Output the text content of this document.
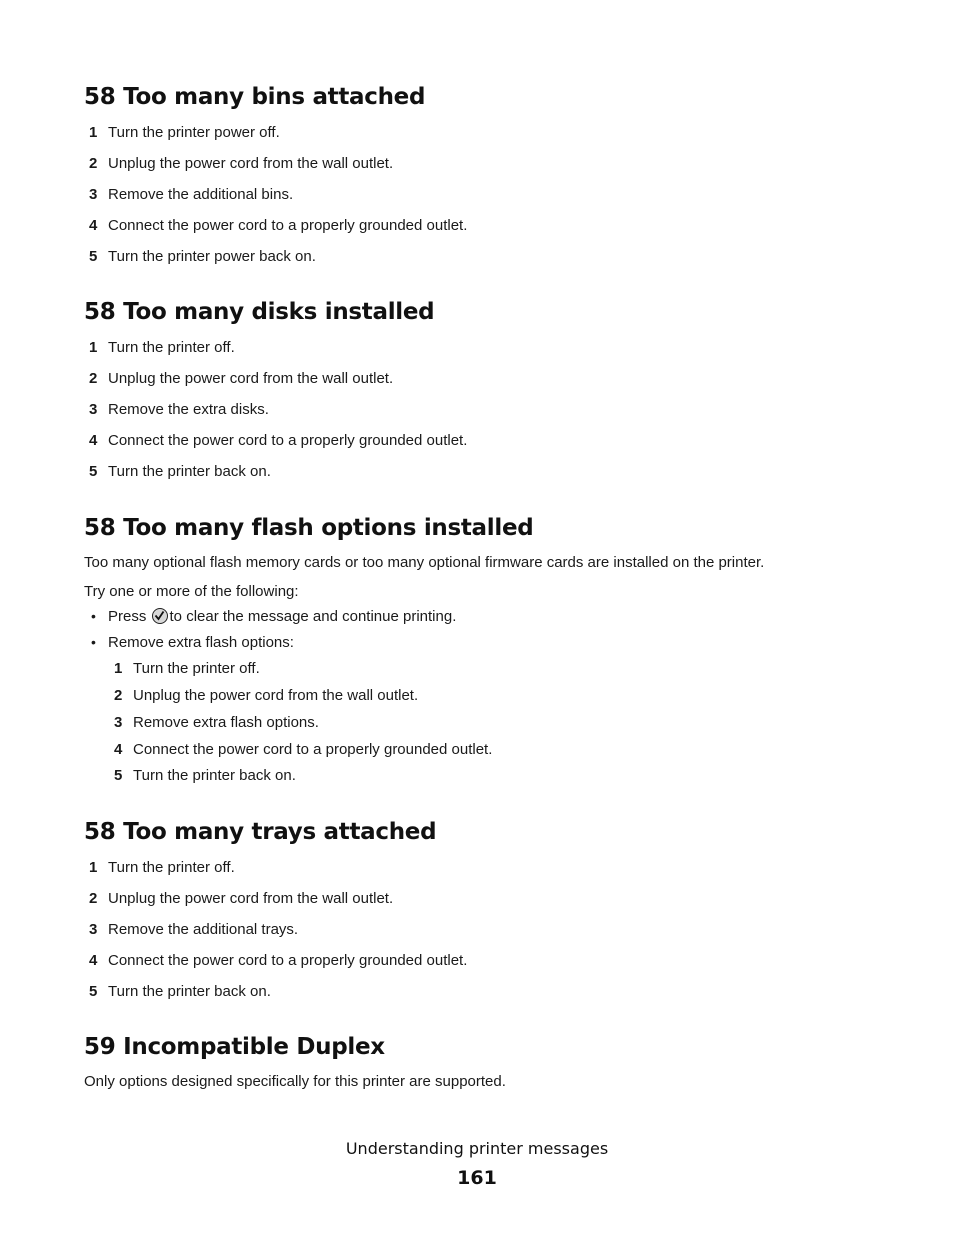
58 Too many bins attached
1 Turn the printer power off.
2 Unplug the power cord from the wall outlet.
3 Remove the additional bins.
4 Connect the power cord to a properly grounded outlet.
5 Turn the printer power back on.
58 Too many disks installed
1 Turn the printer off.
2 Unplug the power cord from the wall outlet.
3 Remove the extra disks.
4 Connect the power cord to a properly grounded outlet.
5 Turn the printer back on.
58 Too many flash options installed
Too many optional flash memory cards or too many optional firmware cards are installed on the printer.
Try one or more of the following:
• Press to clear the message and continue printing.
• Remove extra flash options:
1 Turn the printer off.
2 Unplug the power cord from the wall outlet.
3 Remove extra flash options.
4 Connect the power cord to a properly grounded outlet.
5 Turn the printer back on.
58 Too many trays attached
1 Turn the printer off.
2 Unplug the power cord from the wall outlet.
3 Remove the additional trays.
4 Connect the power cord to a properly grounded outlet.
5 Turn the printer back on.
59 Incompatible Duplex
Only options designed specifically for this printer are supported.
Understanding printer messages
161
